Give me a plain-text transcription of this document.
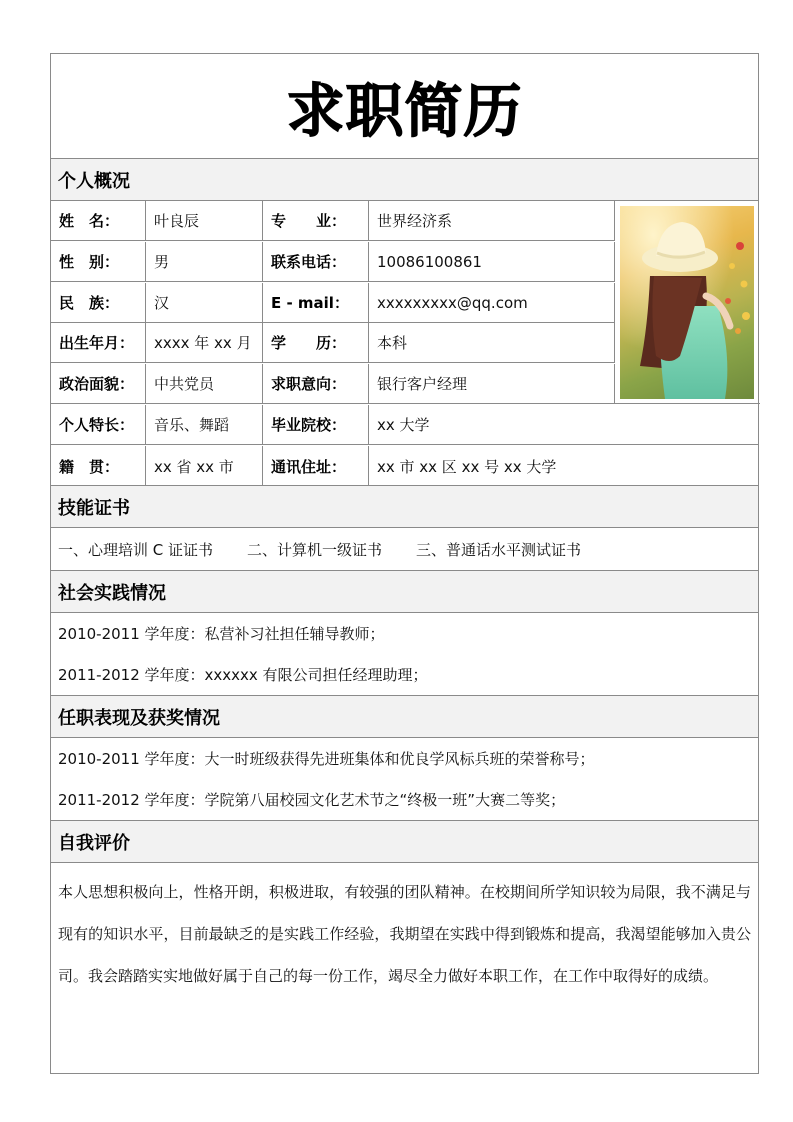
求职简历
个人概况
姓　名：	叶良辰	专　　业：	世界经济系
性　别：	男	联系电话：	10086100861
民　族：	汉	E - mail：	xxxxxxxxx@qq.com
出生年月：	xxxx 年 xx 月	学　　历：	本科
政治面貌：	中共党员	求职意向：	银行客户经理
个人特长：	音乐、舞蹈	毕业院校：	xx 大学
籍　贯：	xx 省 xx 市	通讯住址：	xx 市 xx 区 xx 号 xx 大学
技能证书
一、心理培训 C 证证书 二、计算机一级证书 三、普通话水平测试证书
社会实践情况

2010-2011 学年度：私营补习社担任辅导教师；

2011-2012 学年度：xxxxxx 有限公司担任经理助理；

任职表现及获奖情况

2010-2011 学年度：大一时班级获得先进班集体和优良学风标兵班的荣誉称号；

2011-2012 学年度：学院第八届校园文化艺术节之“终极一班”大赛二等奖；

自我评价
本人思想积极向上，性格开朗，积极进取，有较强的团队精神。在校期间所学知识较为局限，我不满足与现有的知识水平，目前最缺乏的是实践工作经验，我期望在实践中得到锻炼和提高，我渴望能够加入贵公司。我会踏踏实实地做好属于自己的每一份工作，竭尽全力做好本职工作，在工作中取得好的成绩。
